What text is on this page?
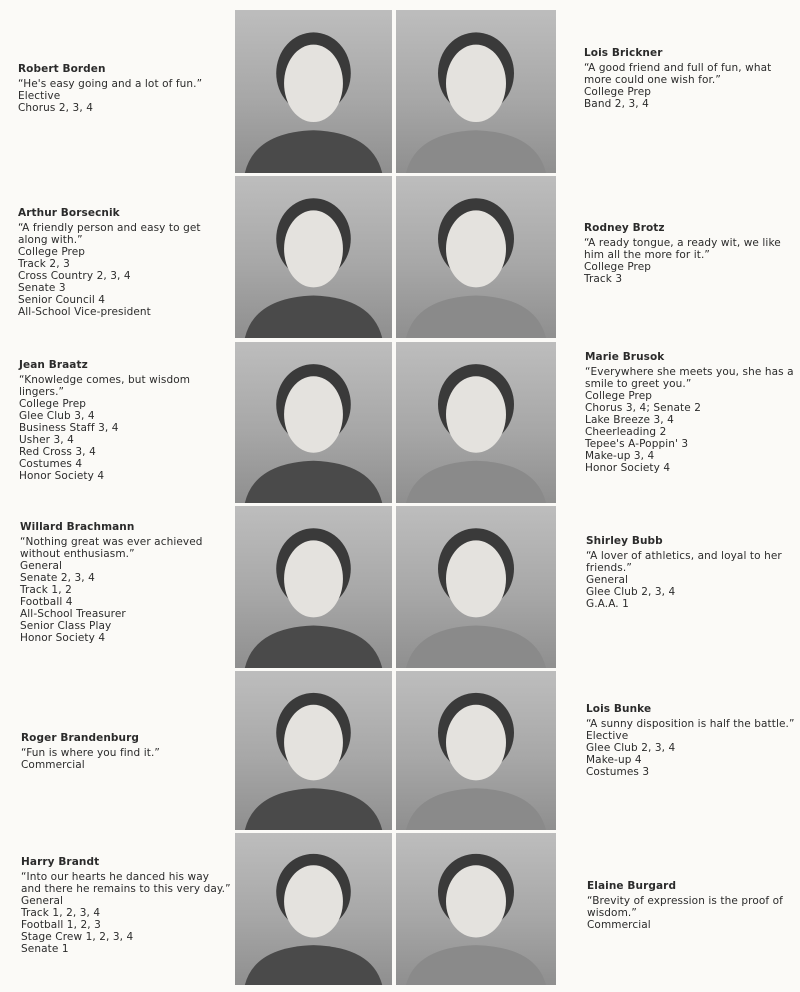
Robert Borden
“He's easy going and a lot of fun.”
Elective
Chorus 2, 3, 4
Lois Brickner
“A good friend and full of fun, what more could one wish for.”
College Prep
Band 2, 3, 4
Arthur Borsecnik
“A friendly person and easy to get along with.”
College Prep
Track 2, 3
Cross Country 2, 3, 4
Senate 3
Senior Council 4
All-School Vice-president
Rodney Brotz
“A ready tongue, a ready wit, we like him all the more for it.”
College Prep
Track 3
Jean Braatz
“Knowledge comes, but wisdom lingers.”
College Prep
Glee Club 3, 4
Business Staff 3, 4
Usher 3, 4
Red Cross 3, 4
Costumes 4
Honor Society 4
Marie Brusok
“Everywhere she meets you, she has a smile to greet you.”
College Prep
Chorus 3, 4; Senate 2
Lake Breeze 3, 4
Cheerleading 2
Tepee's A-Poppin' 3
Make-up 3, 4
Honor Society 4
Willard Brachmann
“Nothing great was ever achieved without enthusiasm.”
General
Senate 2, 3, 4
Track 1, 2
Football 4
All-School Treasurer
Senior Class Play
Honor Society 4
Shirley Bubb
“A lover of athletics, and loyal to her friends.”
General
Glee Club 2, 3, 4
G.A.A. 1
Roger Brandenburg
“Fun is where you find it.”
Commercial
Lois Bunke
“A sunny disposition is half the battle.”
Elective
Glee Club 2, 3, 4
Make-up 4
Costumes 3
Harry Brandt
“Into our hearts he danced his way and there he remains to this very day.”
General
Track 1, 2, 3, 4
Football 1, 2, 3
Stage Crew 1, 2, 3, 4
Senate 1
Elaine Burgard
“Brevity of expression is the proof of wisdom.”
Commercial
